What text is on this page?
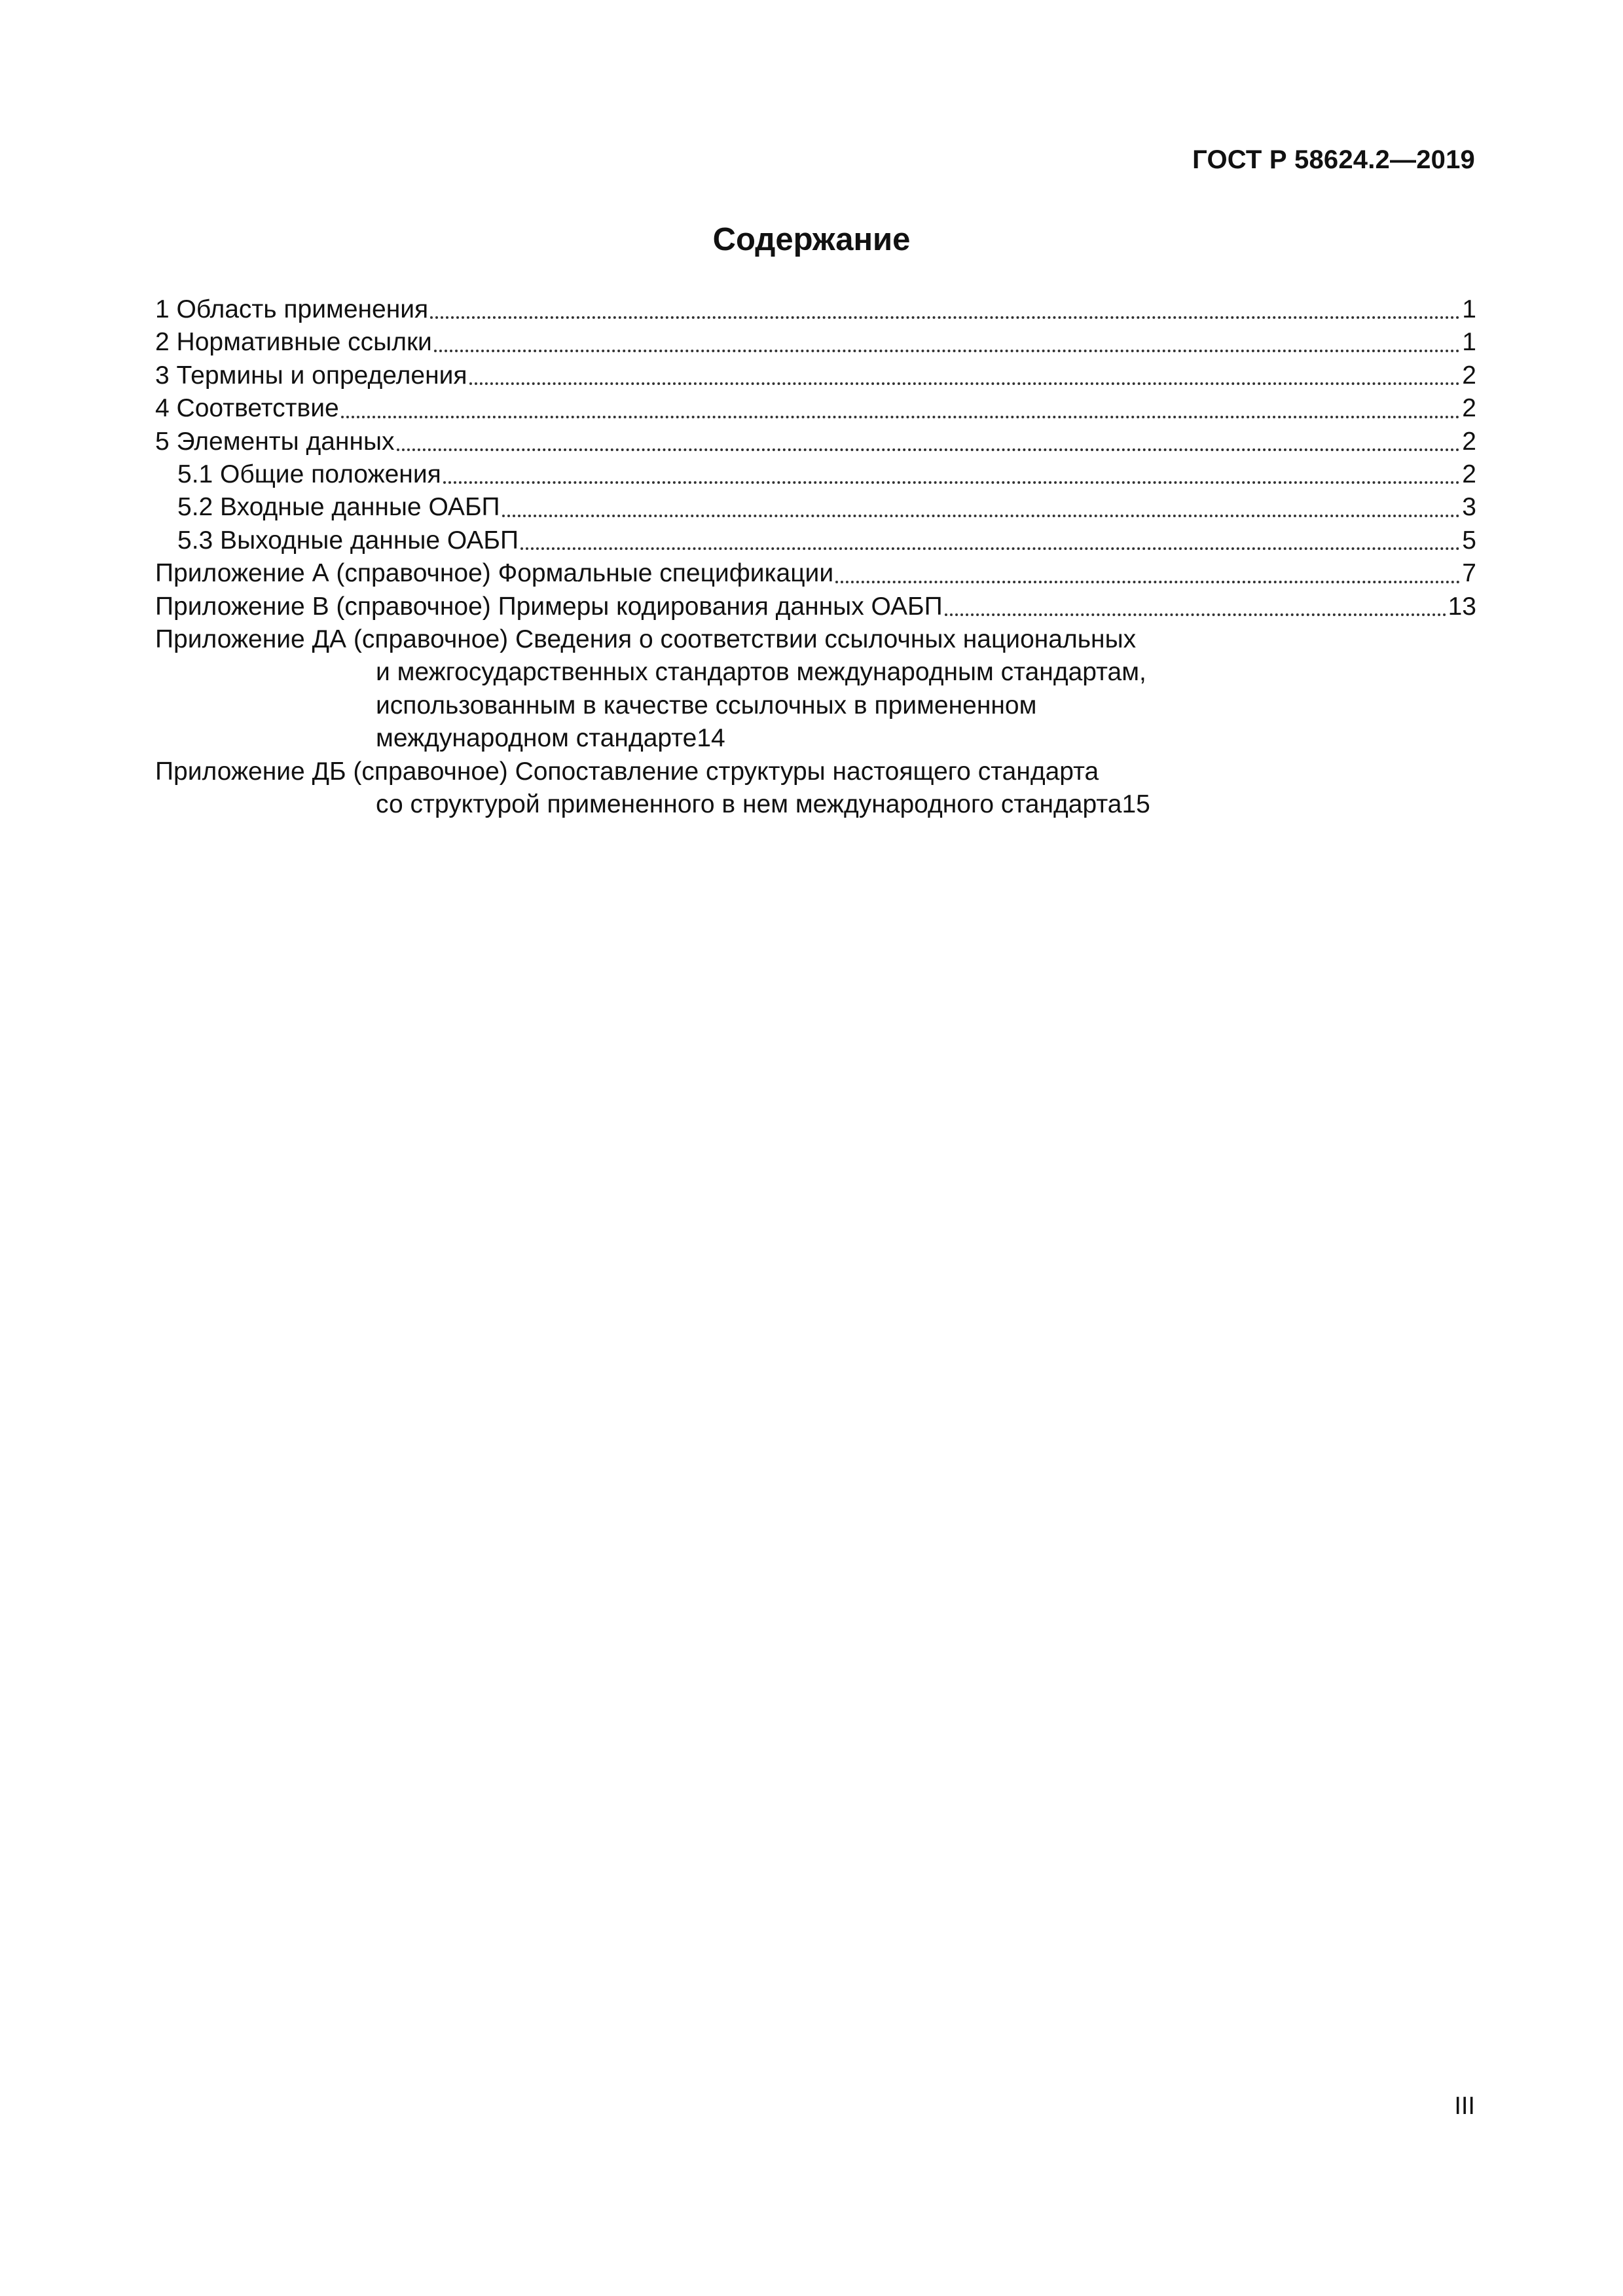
ГОСТ Р 58624.2—2019
Содержание
1 Область применения	1
2 Нормативные ссылки	1
3 Термины и определения	2
4 Соответствие	2
5 Элементы данных	2
5.1 Общие положения	2
5.2 Входные данные ОАБП	3
5.3 Выходные данные ОАБП	5
Приложение А (справочное) Формальные спецификации	7
Приложение В (справочное) Примеры кодирования данных ОАБП	13
Приложение ДА (справочное) Сведения о соответствии ссылочных национальных
и межгосударственных стандартов международным стандартам,
использованным в качестве ссылочных в примененном
международном стандарте 14
Приложение ДБ (справочное) Сопоставление структуры настоящего стандарта
со структурой примененного в нем международного стандарта 15
III
